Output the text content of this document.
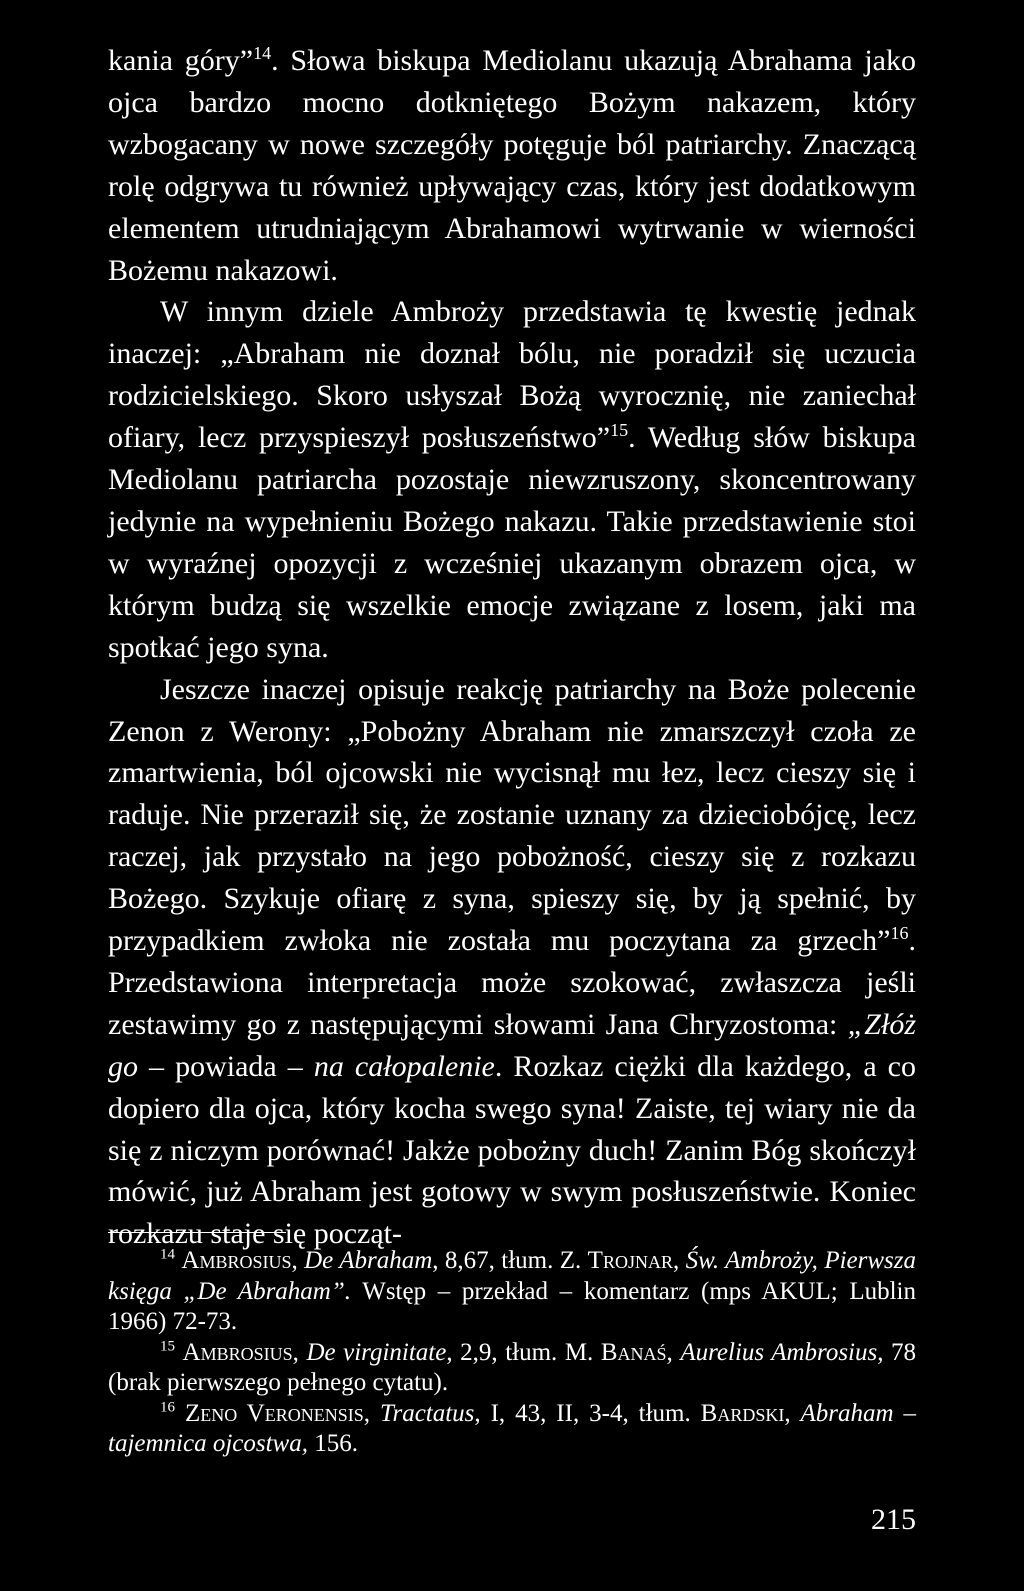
kania góry”$^{14}$. Słowa biskupa Mediolanu ukazują Abrahama jako ojca bardzo mocno dotkniętego Bożym nakazem, który wzbogacany w nowe szczegóły potęguje ból patriarchy. Znaczącą rolę odgrywa tu również upływający czas, który jest dodatkowym elementem utrudniającym Abrahamowi wytrwanie w wierności Bożemu nakazowi.

W innym dziele Ambroży przedstawia tę kwestię jednak inaczej: „Abraham nie doznał bólu, nie poradził się uczucia rodzicielskiego. Skoro usłyszał Bożą wyrocznię, nie zaniechał ofiary, lecz przyspieszył posłuszeństwo”$^{15}$. Według słów biskupa Mediolanu patriarcha pozostaje niewzruszony, skoncentrowany jedynie na wypełnieniu Bożego nakazu. Takie przedstawienie stoi w wyraźnej opozycji z wcześniej ukazanym obrazem ojca, w którym budzą się wszelkie emocje związane z losem, jaki ma spotkać jego syna.

Jeszcze inaczej opisuje reakcję patriarchy na Boże polecenie Zenon z Werony: „Pobożny Abraham nie zmarszczył czoła ze zmartwienia, ból ojcowski nie wycisnął mu łez, lecz cieszy się i raduje. Nie przeraził się, że zostanie uznany za dzieciobójcę, lecz raczej, jak przystało na jego pobożność, cieszy się z rozkazu Bożego. Szykuje ofiarę z syna, spieszy się, by ją spełnić, by przypadkiem zwłoka nie została mu poczytana za grzech”$^{16}$. Przedstawiona interpretacja może szokować, zwłaszcza jeśli zestawimy go z następującymi słowami Jana Chryzostoma: „Złóż go – powiada – na całopalenie. Rozkaz ciężki dla każdego, a co dopiero dla ojca, który kocha swego syna! Zaiste, tej wiary nie da się z niczym porównać! Jakże pobożny duch! Zanim Bóg skończył mówić, już Abraham jest gotowy w swym posłuszeństwie. Koniec rozkazu staje się począt-

$^{14}$ Ambrosius, De Abraham, 8,67, tłum. Z. Trojnar, Św. Ambroży, Pierwsza księga „De Abraham”. Wstęp – przekład – komentarz (mps AKUL; Lublin 1966) 72-73.

$^{15}$ Ambrosius, De virginitate, 2,9, tłum. M. Banaś, Aurelius Ambrosius, 78 (brak pierwszego pełnego cytatu).

$^{16}$ Zeno Veronensis, Tractatus, I, 43, II, 3-4, tłum. Bardski, Abraham – tajemnica ojcostwa, 156.

215
